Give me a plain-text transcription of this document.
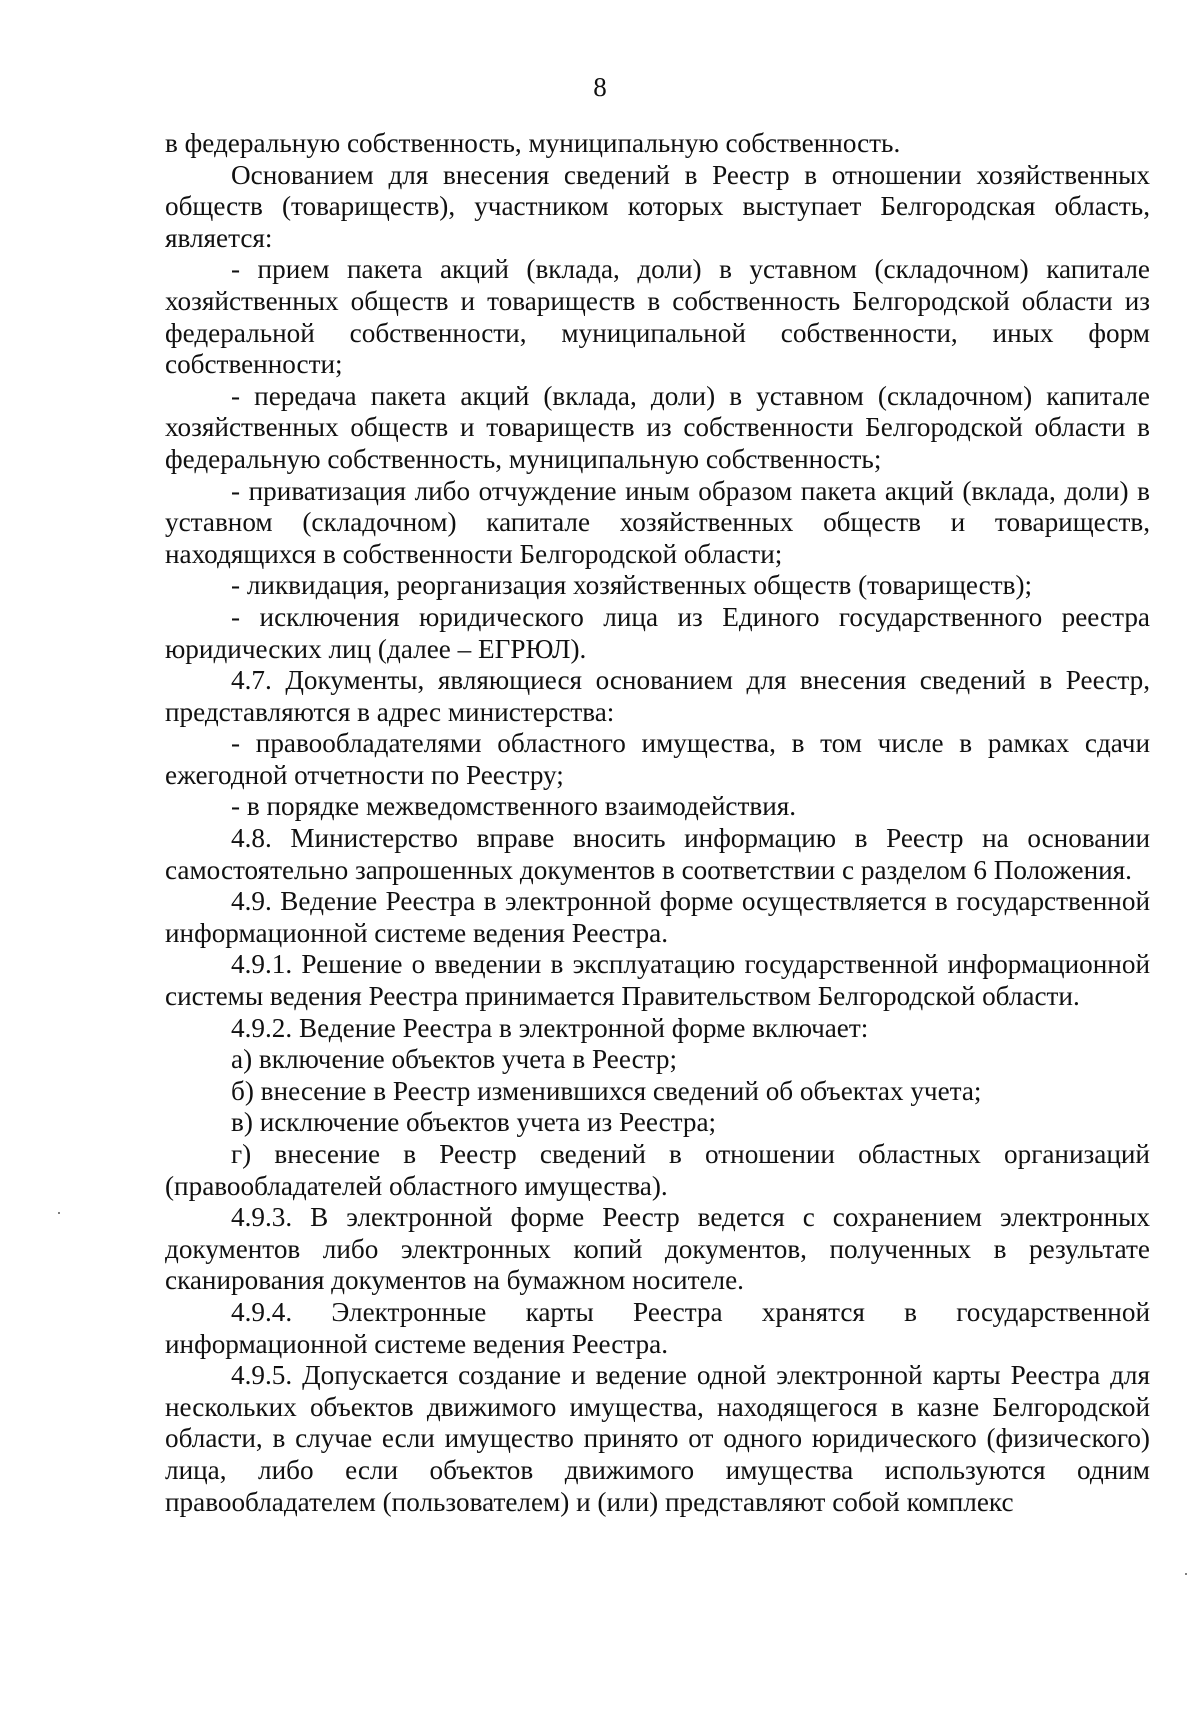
8

в федеральную собственность, муниципальную собственность.

Основанием для внесения сведений в Реестр в отношении хозяйственных обществ (товариществ), участником которых выступает Белгородская область, является:

- прием пакета акций (вклада, доли) в уставном (складочном) капитале хозяйственных обществ и товариществ в собственность Белгородской области из федеральной собственности, муниципальной собственности, иных форм собственности;

- передача пакета акций (вклада, доли) в уставном (складочном) капитале хозяйственных обществ и товариществ из собственности Белгородской области в федеральную собственность, муниципальную собственность;

- приватизация либо отчуждение иным образом пакета акций (вклада, доли) в уставном (складочном) капитале хозяйственных обществ и товариществ, находящихся в собственности Белгородской области;

- ликвидация, реорганизация хозяйственных обществ (товариществ);

- исключения юридического лица из Единого государственного реестра юридических лиц (далее – ЕГРЮЛ).

4.7. Документы, являющиеся основанием для внесения сведений в Реестр, представляются в адрес министерства:

- правообладателями областного имущества, в том числе в рамках сдачи ежегодной отчетности по Реестру;

- в порядке межведомственного взаимодействия.

4.8. Министерство вправе вносить информацию в Реестр на основании самостоятельно запрошенных документов в соответствии с разделом 6 Положения.

4.9. Ведение Реестра в электронной форме осуществляется в государственной информационной системе ведения Реестра.

4.9.1. Решение о введении в эксплуатацию государственной информационной системы ведения Реестра принимается Правительством Белгородской области.

4.9.2. Ведение Реестра в электронной форме включает:

а) включение объектов учета в Реестр;

б) внесение в Реестр изменившихся сведений об объектах учета;

в) исключение объектов учета из Реестра;

г) внесение в Реестр сведений в отношении областных организаций (правообладателей областного имущества).

4.9.3. В электронной форме Реестр ведется с сохранением электронных документов либо электронных копий документов, полученных в результате сканирования документов на бумажном носителе.

4.9.4. Электронные карты Реестра хранятся в государственной информационной системе ведения Реестра.

4.9.5. Допускается создание и ведение одной электронной карты Реестра для нескольких объектов движимого имущества, находящегося в казне Белгородской области, в случае если имущество принято от одного юридического (физического) лица, либо если объектов движимого имущества используются одним правообладателем (пользователем) и (или) представляют собой комплекс
